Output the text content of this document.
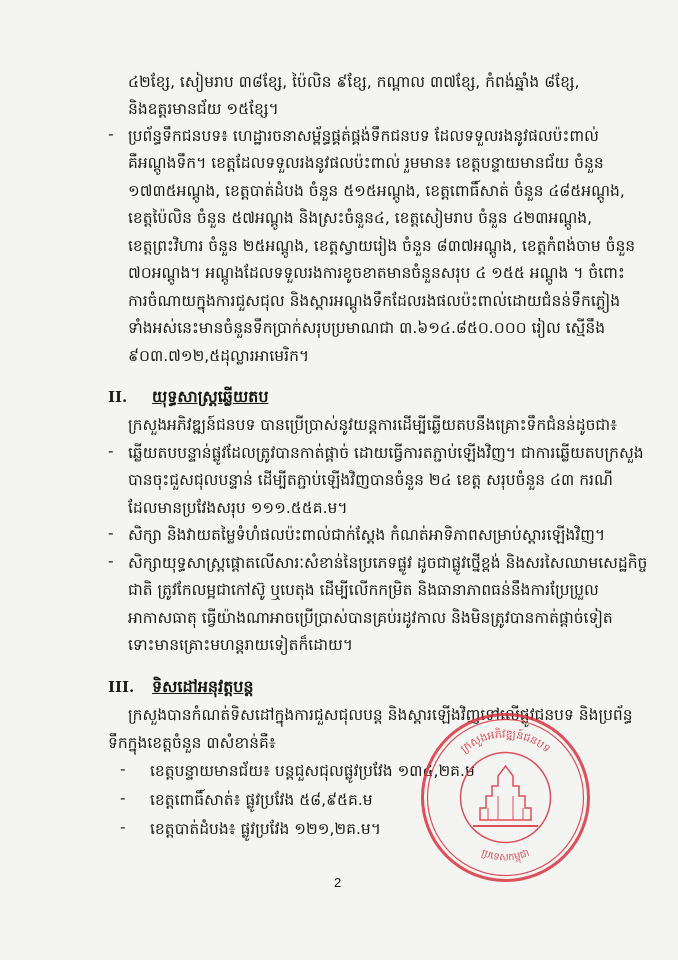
៤២ខ្សែ, សៀមរាប ៣៨ខ្សែ, ប៉ៃលិន ៩ខ្សែ, កណ្តាល ៣៧ខ្សែ, កំពង់ឆ្នាំង ៨ខ្សែ,
និងឧត្តរមានជ័យ ១៥ខ្សែ។
- ប្រព័ន្ធទឹកជនបទ៖ ហេដ្ឋារចនាសម្ព័ន្ធផ្គត់ផ្គង់ទឹកជនបទ ដែលទទួលរងនូវផលប៉ះពាល់
គឺអណ្តូងទឹក។ ខេត្តដែលទទួលរងនូវផលប៉ះពាល់ រួមមាន៖ ខេត្តបន្ទាយមានជ័យ ចំនួន
១៧៣៥អណ្តូង, ខេត្តបាត់ដំបង ចំនួន ៥១៥អណ្តូង, ខេត្តពោធិ៍សាត់ ចំនួន ៤៨៥អណ្តូង,
ខេត្តប៉ៃលិន ចំនួន ៥៧អណ្តូង និងស្រះចំនួន៤, ខេត្តសៀមរាប ចំនួន ៤២៣អណ្តូង,
ខេត្តព្រះវិហារ ចំនួន ២៥អណ្តូង, ខេត្តស្វាយរៀង ចំនួន ៨៣៧អណ្តូង, ខេត្តកំពង់ចាម ចំនួន
៧០អណ្តូង។ អណ្តូងដែលទទួលរងការខូចខាតមានចំនួនសរុប ៤ ១៥៥ អណ្តូង ។ ចំពោះ
ការចំណាយក្នុងការជួសជុល និងស្តារអណ្តូងទឹកដែលរងផលប៉ះពាល់ដោយជំនន់ទឹកភ្លៀង
ទាំងអស់នេះមានចំនួនទឹកប្រាក់សរុបប្រមាណជា ៣.៦១៤.៨៥០.០០០ រៀល ស្មើនឹង
៩០៣.៧១២,៥ដុល្លារអាមេរិក។
II. យុទ្ធសាស្ត្រឆ្លើយតប
ក្រសួងអភិវឌ្ឍន៍ជនបទ បានប្រើប្រាស់នូវយន្តការដើម្បីឆ្លើយតបនឹងគ្រោះទឹកជំនន់ដូចជា៖
- ឆ្លើយតបបន្ទាន់ផ្លូវដែលត្រូវបានកាត់ផ្តាច់ ដោយធ្វើការតភ្ជាប់ឡើងវិញ។ ជាការឆ្លើយតបក្រសួង
បានចុះជួសជុលបន្ទាន់ ដើម្បីតភ្ជាប់ឡើងវិញបានចំនួន ២៤ ខេត្ត សរុបចំនួន ៤៣ ករណី
ដែលមានប្រវែងសរុប ១១១.៥៥គ.ម។
- សិក្សា និងវាយតម្លៃទំហំផលប៉ះពាល់ជាក់ស្តែង កំណត់អាទិភាពសម្រាប់ស្តារឡើងវិញ។
- សិក្សាយុទ្ធសាស្ត្រផ្តោតលើសារៈសំខាន់នៃប្រភេទផ្លូវ ដូចជាផ្លូវថ្នើខ្ពង់ និងសរសៃឈាមសេដ្ឋកិច្ច
ជាតិ ត្រូវកែលម្អជាកៅស៊ូ ឬបេតុង ដើម្បីលើកកម្រិត និងធានាភាពធន់នឹងការប្រែប្រួល
អាកាសធាតុ ធ្វើយ៉ាងណាអាចប្រើប្រាស់បានគ្រប់រដូវកាល និងមិនត្រូវបានកាត់ផ្តាច់ទៀត
ទោះមានគ្រោះមហន្តរាយទៀតក៏ដោយ។
III. ទិសដៅអនុវត្តបន្ត
ក្រសួងបានកំណត់ទិសដៅក្នុងការជួសជុលបន្ត និងស្តារឡើងវិញទៅលើផ្លូវជនបទ និងប្រព័ន្ធ
ទឹកក្នុងខេត្តចំនួន ៣សំខាន់គឺ៖
- ខេត្តបន្ទាយមានជ័យ៖ បន្តជួសជុលផ្លូវប្រវែង ១៣៤,២គ.ម
- ខេត្តពោធិ៍សាត់៖ ផ្លូវប្រវែង ៥៨,៩៥គ.ម
- ខេត្តបាត់ដំបង៖ ផ្លូវប្រវែង ១២១,២គ.ម។
ក្រសួងអភិវឌ្ឍន៍ជនបទ
ប្រទេសកម្ពុជា
2
